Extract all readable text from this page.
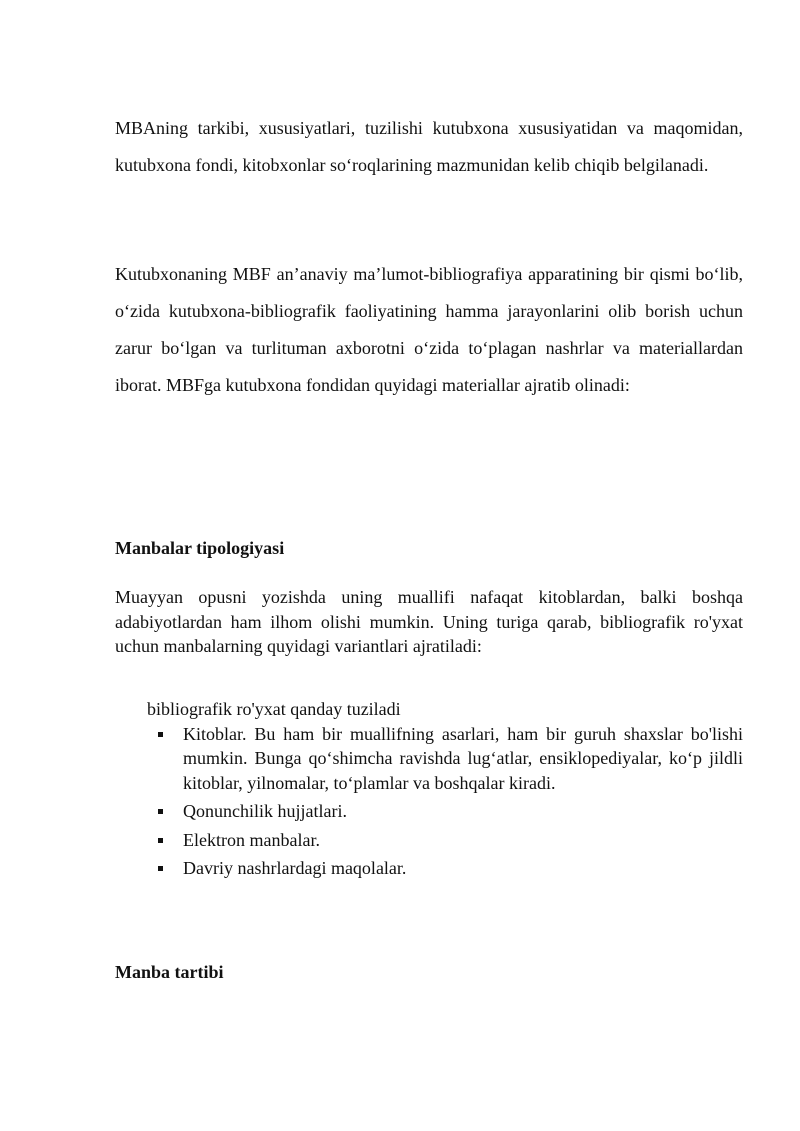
MBAning tarkibi, xususiyatlari, tuzilishi kutubxona xususiyatidan va maqomidan, kutubxona fondi, kitobxonlar so‘roqlarining mazmunidan kelib chiqib belgilanadi.

Kutubxonaning MBF an’anaviy ma’lumot-bibliografiya apparatining bir qismi bo‘lib, o‘zida kutubxona-bibliografik faoliyatining hamma jarayonlarini olib borish uchun zarur bo‘lgan va turlituman axborotni o‘zida to‘plagan nashrlar va materiallardan iborat. MBFga kutubxona fondidan quyidagi materiallar ajratib olinadi:

Manbalar tipologiyasi

Muayyan opusni yozishda uning muallifi nafaqat kitoblardan, balki boshqa adabiyotlardan ham ilhom olishi mumkin. Uning turiga qarab, bibliografik ro'yxat uchun manbalarning quyidagi variantlari ajratiladi:

bibliografik ro'yxat qanday tuziladi

Kitoblar. Bu ham bir muallifning asarlari, ham bir guruh shaxslar bo'lishi mumkin. Bunga qo‘shimcha ravishda lug‘atlar, ensiklopediyalar, ko‘p jildli kitoblar, yilnomalar, to‘plamlar va boshqalar kiradi.
Qonunchilik hujjatlari.
Elektron manbalar.
Davriy nashrlardagi maqolalar.
Manba tartibi
